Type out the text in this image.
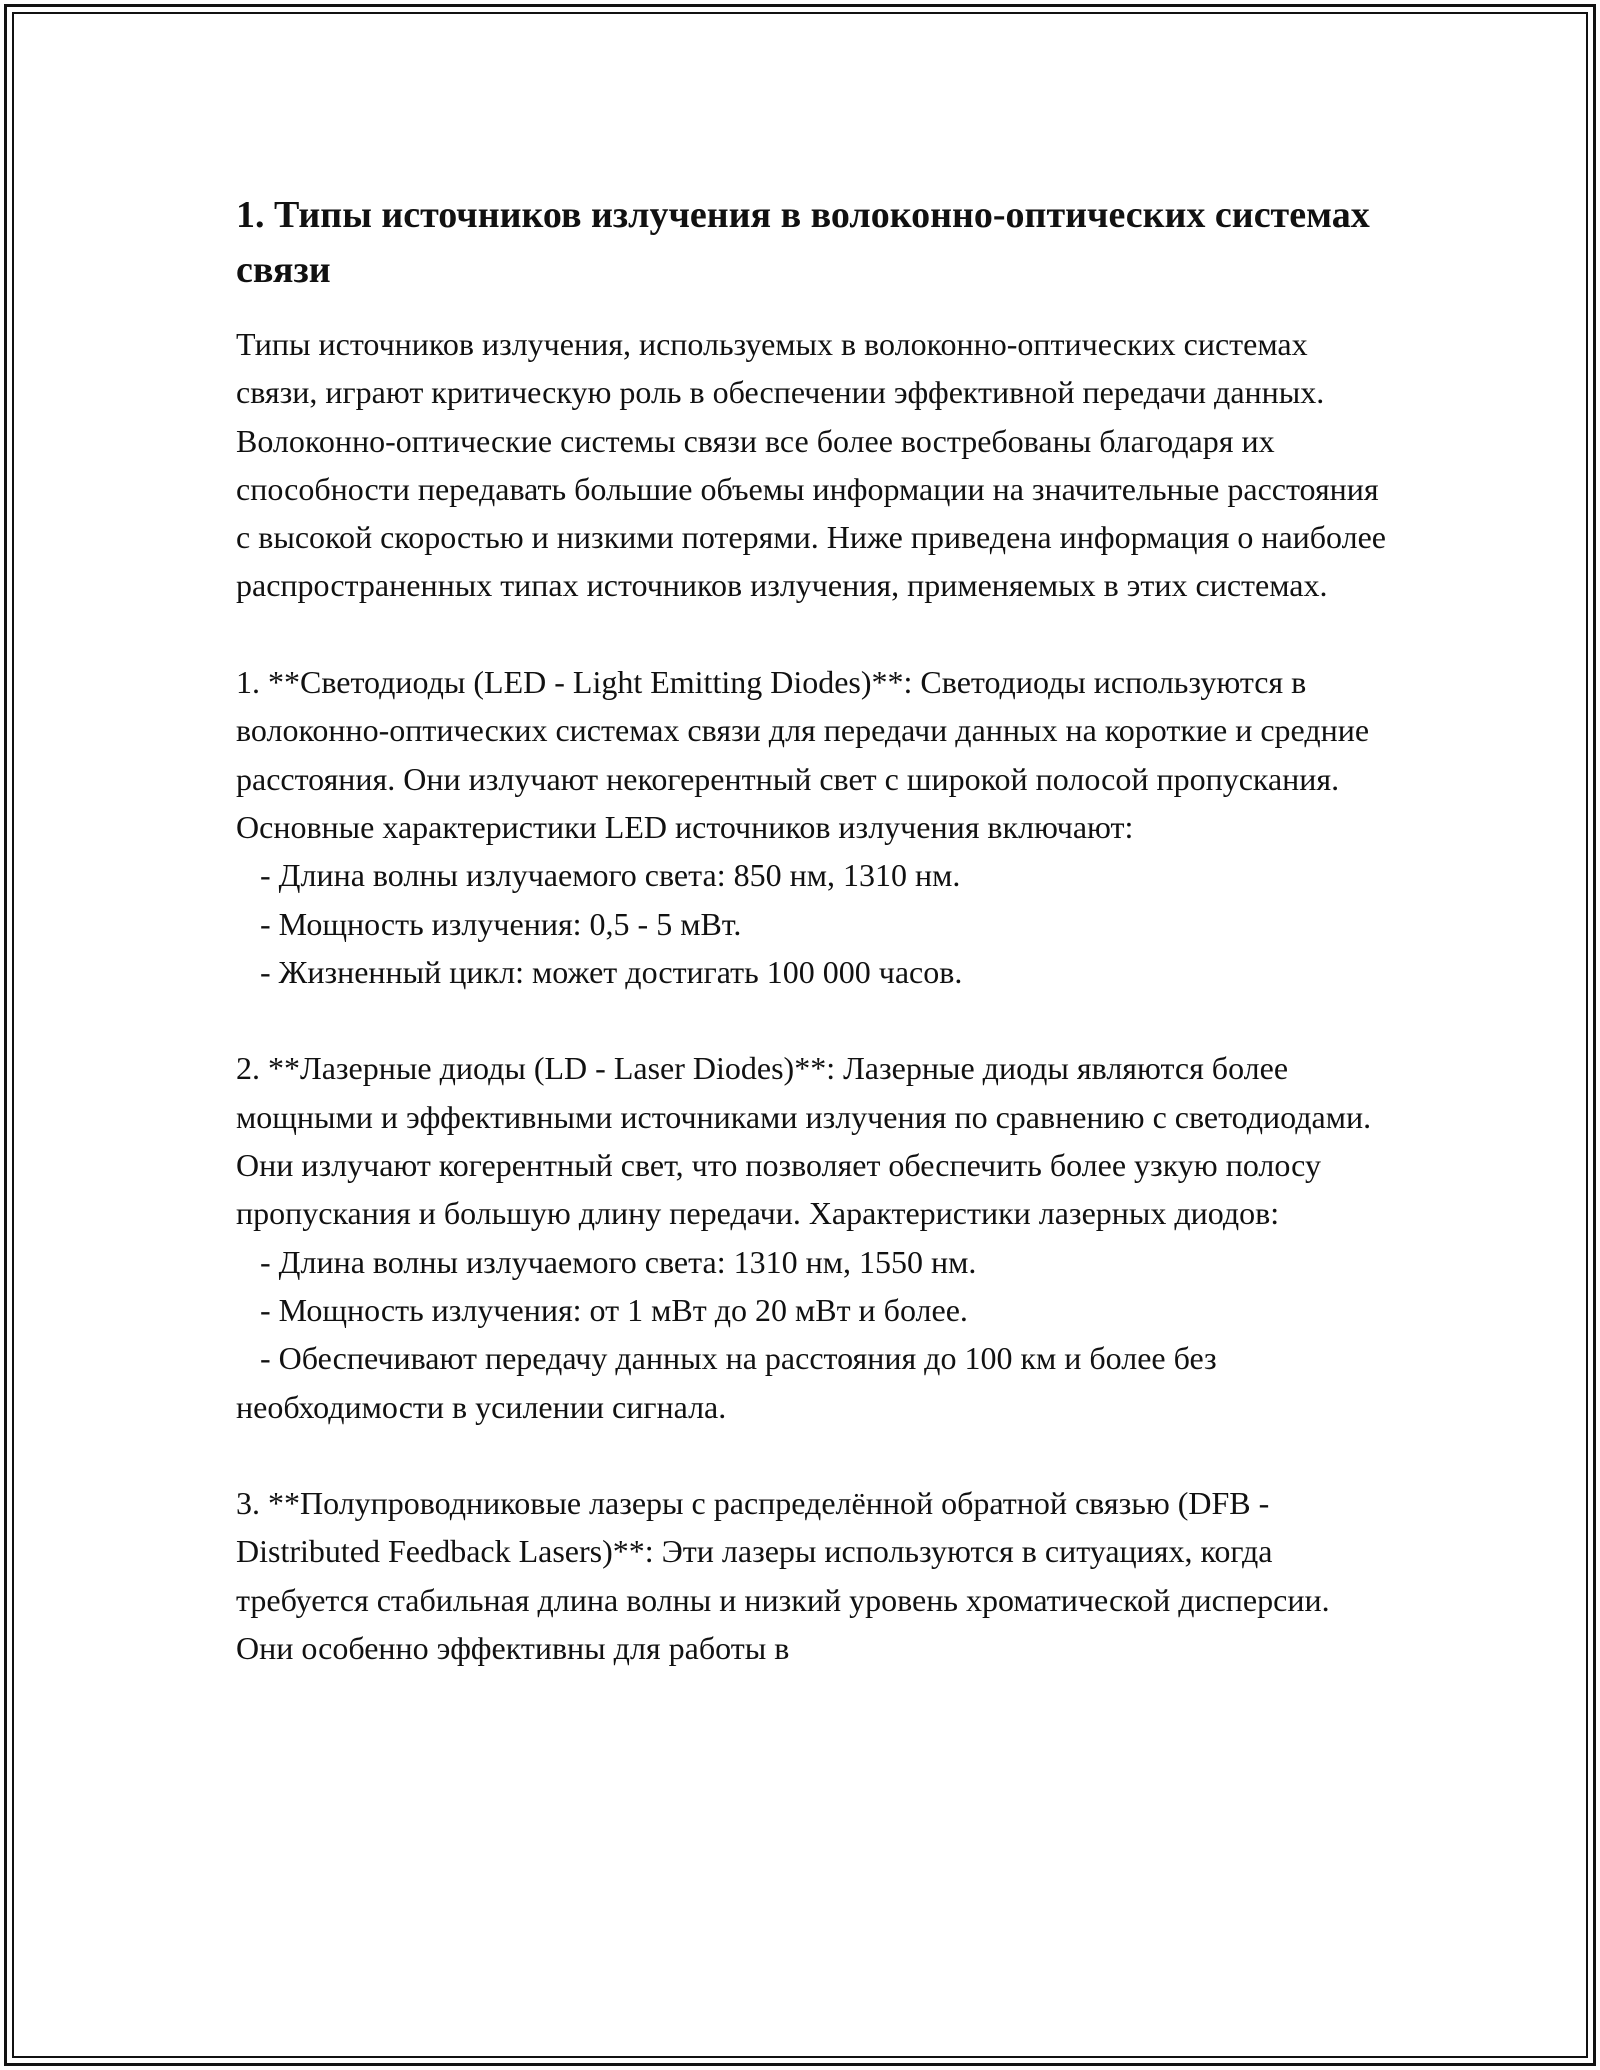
1. Типы источников излучения в волоконно-оптических системах связи

Типы источников излучения, используемых в волоконно-оптических системах связи, играют критическую роль в обеспечении эффективной передачи данных. Волоконно-оптические системы связи все более востребованы благодаря их способности передавать большие объемы информации на значительные расстояния с высокой скоростью и низкими потерями. Ниже приведена информация о наиболее распространенных типах источников излучения, применяемых в этих системах.

1. **Светодиоды (LED - Light Emitting Diodes)**: Светодиоды используются в волоконно-оптических системах связи для передачи данных на короткие и средние расстояния. Они излучают некогерентный свет с широкой полосой пропускания. Основные характеристики LED источников излучения включают:

- Длина волны излучаемого света: 850 нм, 1310 нм.

- Мощность излучения: 0,5 - 5 мВт.

- Жизненный цикл: может достигать 100 000 часов.

2. **Лазерные диоды (LD - Laser Diodes)**: Лазерные диоды являются более мощными и эффективными источниками излучения по сравнению с светодиодами. Они излучают когерентный свет, что позволяет обеспечить более узкую полосу пропускания и большую длину передачи. Характеристики лазерных диодов:

- Длина волны излучаемого света: 1310 нм, 1550 нм.

- Мощность излучения: от 1 мВт до 20 мВт и более.

- Обеспечивают передачу данных на расстояния до 100 км и более без необходимости в усилении сигнала.

3. **Полупроводниковые лазеры с распределённой обратной связью (DFB - Distributed Feedback Lasers)**: Эти лазеры используются в ситуациях, когда требуется стабильная длина волны и низкий уровень хроматической дисперсии. Они особенно эффективны для работы в
